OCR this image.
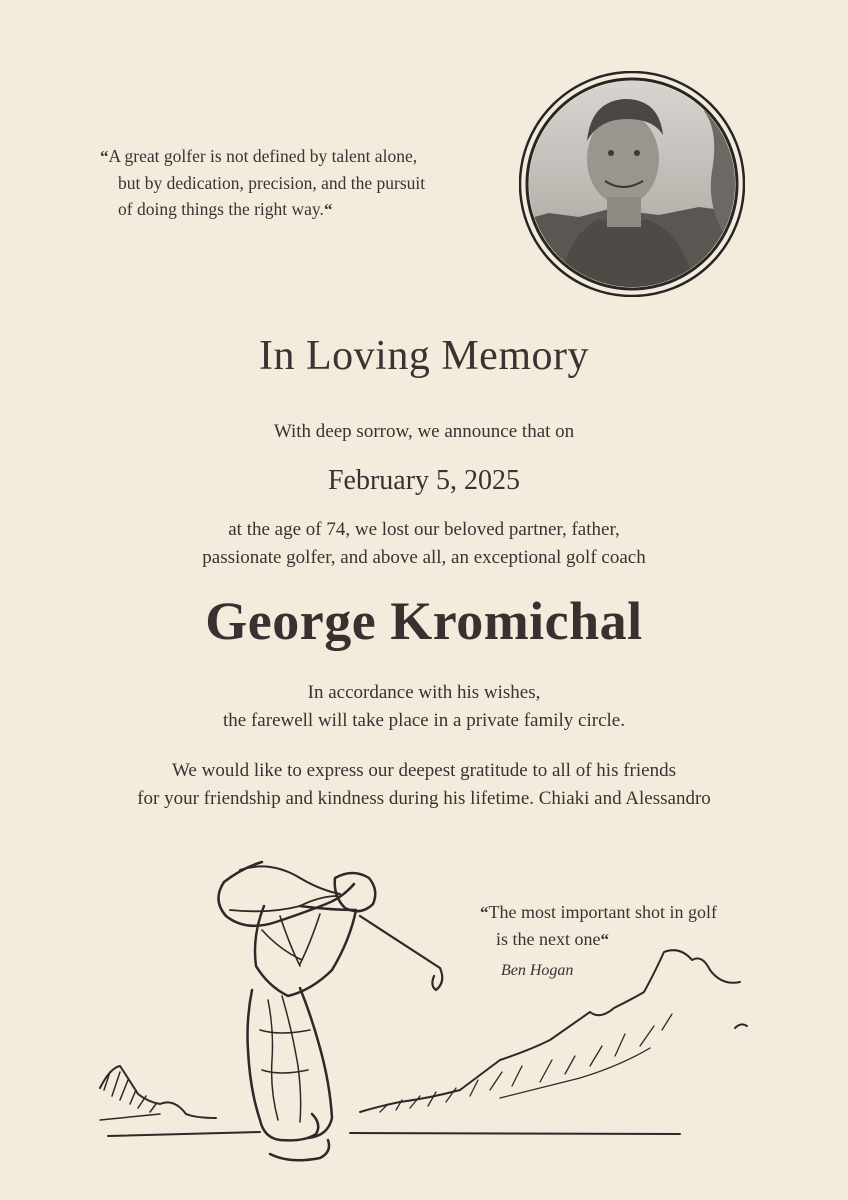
“A great golfer is not defined by talent alone,
but by dedication, precision, and the pursuit
of doing things the right way.“
In Loving Memory
With deep sorrow, we announce that on
February 5, 2025
at the age of 74, we lost our beloved partner, father,
passionate golfer, and above all, an exceptional golf coach
George Kromichal
In accordance with his wishes,
the farewell will take place in a private family circle.
We would like to express our deepest gratitude to all of his friends
for your friendship and kindness during his lifetime. Chiaki and Alessandro
“The most important shot in golf
is the next one“
Ben Hogan
